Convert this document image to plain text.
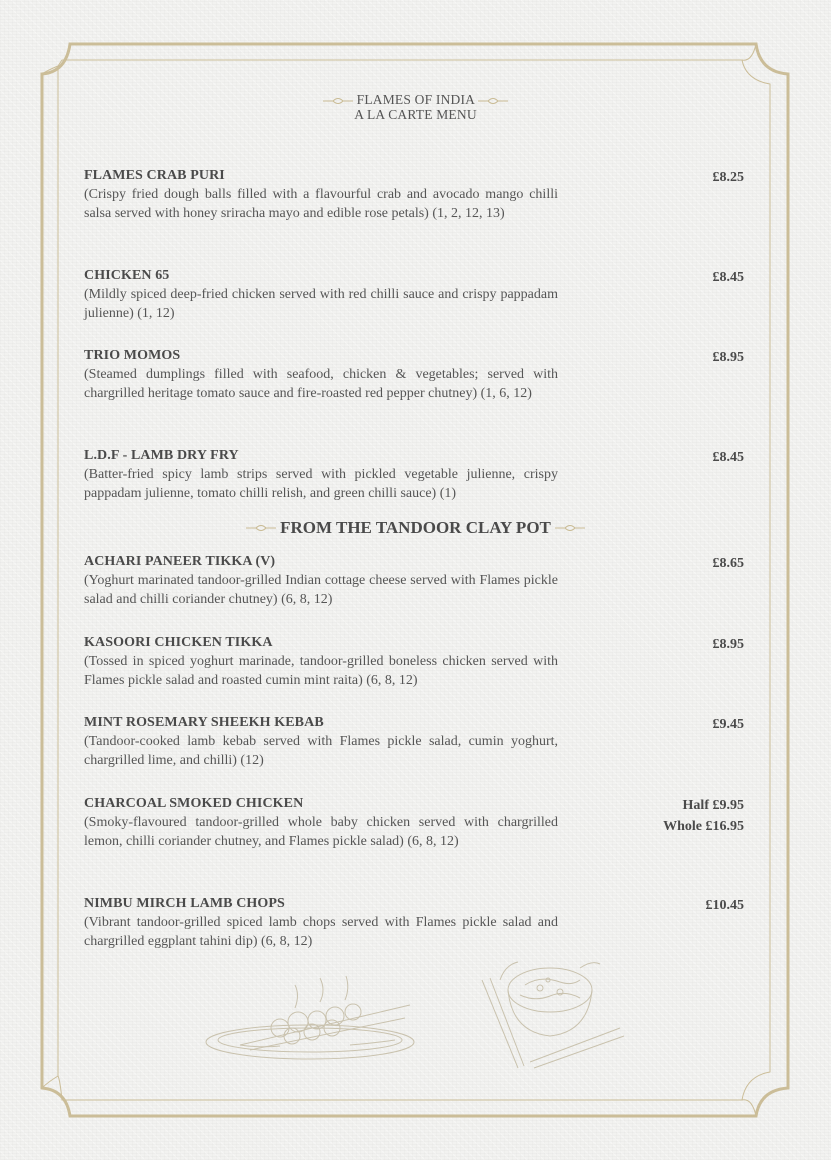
FLAMES OF INDIA
A LA CARTE MENU
FLAMES CRAB PURI
(Crispy fried dough balls filled with a flavourful crab and avocado mango chilli salsa served with honey sriracha mayo and edible rose petals) (1, 2, 12, 13)
£8.25
CHICKEN 65
(Mildly spiced deep-fried chicken served with red chilli sauce and crispy pappadam julienne) (1, 12)
£8.45
TRIO MOMOS
(Steamed dumplings filled with seafood, chicken & vegetables; served with chargrilled heritage tomato sauce and fire-roasted red pepper chutney) (1, 6, 12)
£8.95
L.D.F - LAMB DRY FRY
(Batter-fried spicy lamb strips served with pickled vegetable julienne, crispy pappadam julienne, tomato chilli relish, and green chilli sauce) (1)
£8.45
FROM THE TANDOOR CLAY POT
ACHARI PANEER TIKKA (V)
(Yoghurt marinated tandoor-grilled Indian cottage cheese served with Flames pickle salad and chilli coriander chutney) (6, 8, 12)
£8.65
KASOORI CHICKEN TIKKA
(Tossed in spiced yoghurt marinade, tandoor-grilled boneless chicken served with Flames pickle salad and roasted cumin mint raita) (6, 8, 12)
£8.95
MINT ROSEMARY SHEEKH KEBAB
(Tandoor-cooked lamb kebab served with Flames pickle salad, cumin yoghurt, chargrilled lime, and chilli) (12)
£9.45
CHARCOAL SMOKED CHICKEN
(Smoky-flavoured tandoor-grilled whole baby chicken served with chargrilled lemon, chilli coriander chutney, and Flames pickle salad) (6, 8, 12)
Half £9.95
Whole £16.95
NIMBU MIRCH LAMB CHOPS
(Vibrant tandoor-grilled spiced lamb chops served with Flames pickle salad and chargrilled eggplant tahini dip) (6, 8, 12)
£10.45
